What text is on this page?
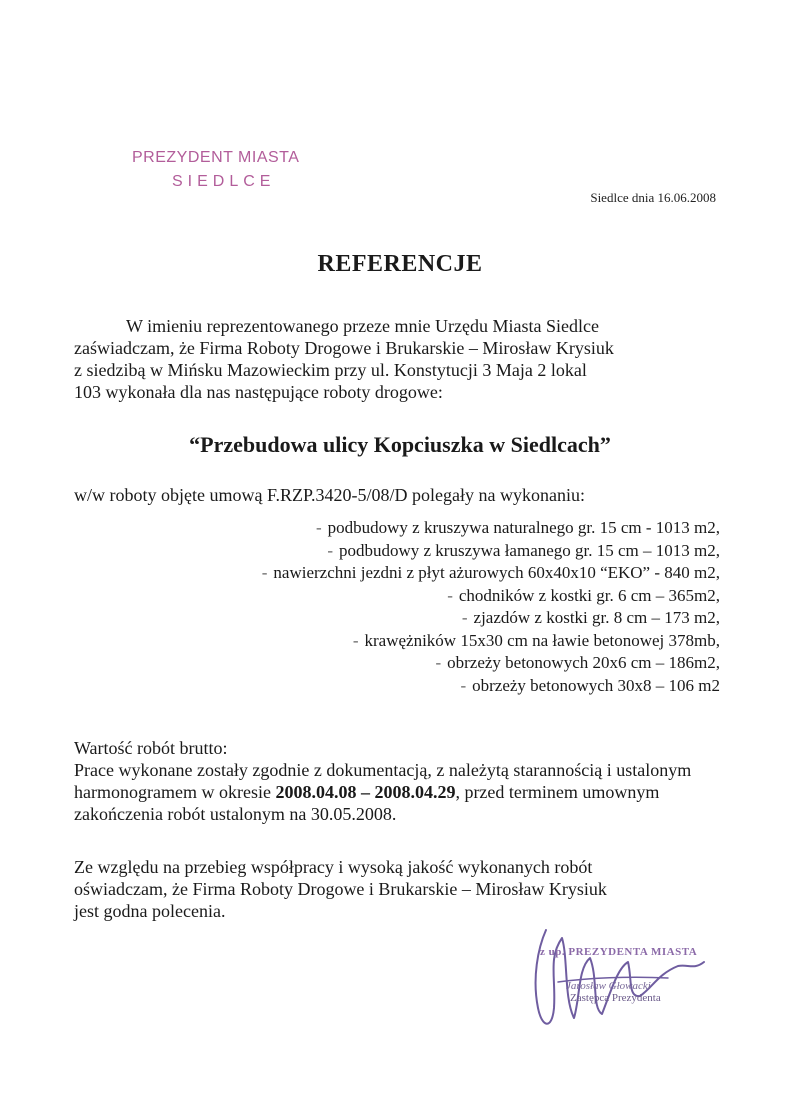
PREZYDENT MIASTA
SIEDLCE
Siedlce dnia 16.06.2008
REFERENCJE
W imieniu reprezentowanego przeze mnie Urzędu Miasta Siedlce
zaświadczam, że Firma Roboty Drogowe i Brukarskie – Mirosław Krysiuk
z siedzibą w Mińsku Mazowieckim przy ul. Konstytucji 3 Maja 2 lokal
103 wykonała dla nas następujące roboty drogowe:
“Przebudowa ulicy Kopciuszka w Siedlcach”
w/w roboty objęte umową F.RZP.3420-5/08/D polegały na wykonaniu:
- podbudowy z kruszywa naturalnego gr. 15 cm - 1013 m2,
- podbudowy z kruszywa łamanego gr. 15 cm – 1013 m2,
- nawierzchni jezdni z płyt ażurowych 60x40x10 “EKO” - 840 m2,
- chodników z kostki gr. 6 cm – 365m2,
- zjazdów z kostki gr. 8 cm – 173 m2,
- krawężników 15x30 cm na ławie betonowej 378mb,
- obrzeży betonowych 20x6 cm – 186m2,
- obrzeży betonowych 30x8 – 106 m2
Wartość robót brutto:
Prace wykonane zostały zgodnie z dokumentacją, z należytą starannością i ustalonym harmonogramem w okresie 2008.04.08 – 2008.04.29, przed terminem umownym zakończenia robót ustalonym na 30.05.2008.
Ze względu na przebieg współpracy i wysoką jakość wykonanych robót
oświadczam, że Firma Roboty Drogowe i Brukarskie – Mirosław Krysiuk
jest godna polecenia.
z up. PREZYDENTA MIASTA
Jarosław Głowacki
Zastępca Prezydenta
